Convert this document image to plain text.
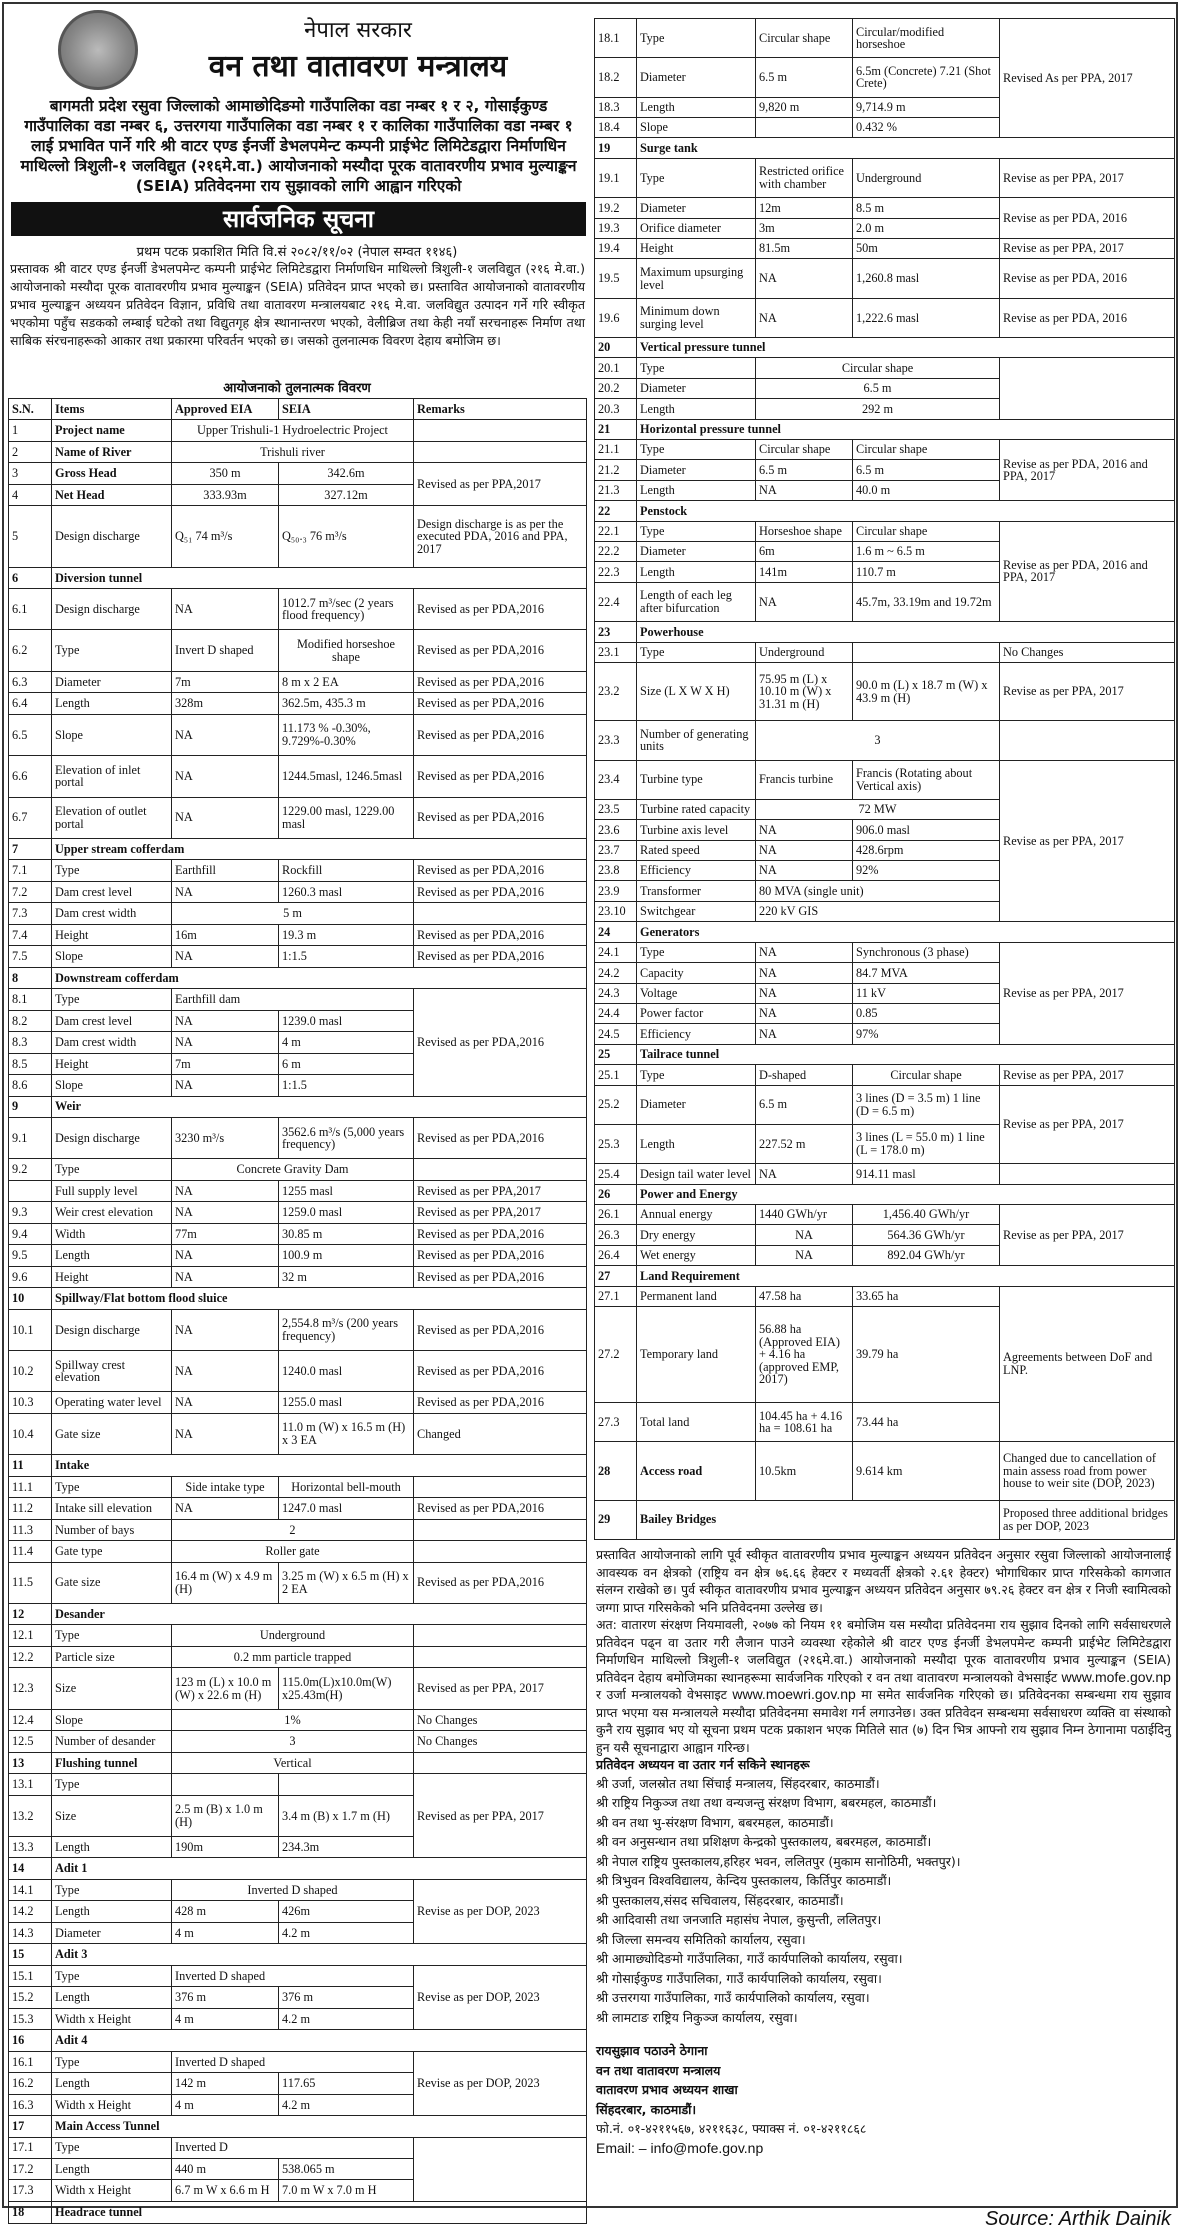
नेपाल सरकार
वन तथा वातावरण मन्त्रालय
बागमती प्रदेश रसुवा जिल्लाको आमाछोदिङमो गाउँपालिका वडा नम्बर १ र २, गोसाईंकुण्ड गाउँपालिका वडा नम्बर ६, उत्तरगया गाउँपालिका वडा नम्बर १ र कालिका गाउँपालिका वडा नम्बर १ लाई प्रभावित पार्ने गरि श्री वाटर एण्ड ईनर्जी डेभलपमेन्ट कम्पनी प्राईभेट लिमिटेडद्वारा निर्माणधिन माथिल्लो त्रिशुली-१ जलविद्युत (२१६मे.वा.) आयोजनाको मस्यौदा पूरक वातावरणीय प्रभाव मुल्याङ्कन (SEIA) प्रतिवेदनमा राय सुझावको लागि आह्वान गरिएको
सार्वजनिक सूचना
प्रथम पटक प्रकाशित मिति वि.सं २०८२/११/०२ (नेपाल सम्वत ११४६)
प्रस्तावक श्री वाटर एण्ड ईनर्जी डेभलपमेन्ट कम्पनी प्राईभेट लिमिटेडद्वारा निर्माणधिन माथिल्लो त्रिशुली-१ जलविद्युत (२१६ मे.वा.) आयोजनाको मस्यौदा पूरक वातावरणीय प्रभाव मुल्याङ्कन (SEIA) प्रतिवेदन प्राप्त भएको छ। प्रस्तावित आयोजनाको वातावरणीय प्रभाव मुल्याङ्कन अध्ययन प्रतिवेदन विज्ञान, प्रविधि तथा वातावरण मन्त्रालयबाट २१६ मे.वा. जलविद्युत उत्पादन गर्ने गरि स्वीकृत भएकोमा पहुँच सडकको लम्बाई घटेको तथा विद्युतगृह क्षेत्र स्थानान्तरण भएको, वेलीब्रिज तथा केही नयाँ सरचनाहरू निर्माण तथा साबिक संरचनाहरूको आकार तथा प्रकारमा परिवर्तन भएको छ। जसको तुलनात्मक विवरण देहाय बमोजिम छ।
आयोजनाको तुलनात्मक विवरण
S.N.	Items	Approved EIA	SEIA	Remarks
1	Project name	Upper Trishuli-1 Hydroelectric Project		
2	Name of River	Trishuli river		
3	Gross Head	350 m	342.6m	Revised as per PPA,2017
4	Net Head	333.93m	327.12m	
5	Design discharge	Q₅₁ 74 m³/s	Q₅₀.₃ 76 m³/s	Design discharge is as per the executed PDA, 2016 and PPA, 2017
6	Diversion tunnel			
6.1	Design discharge	NA	1012.7 m³/sec (2 years flood frequency)	Revised as per PDA,2016
6.2	Type	Invert D shaped	Modified horseshoe shape	Revised as per PDA,2016
6.3	Diameter	7m	8 m x 2 EA	Revised as per PDA,2016
6.4	Length	328m	362.5m, 435.3 m	Revised as per PDA,2016
6.5	Slope	NA	11.173 % -0.30%, 9.729%-0.30%	Revised as per PDA,2016
6.6	Elevation of inlet portal	NA	1244.5masl, 1246.5masl	Revised as per PDA,2016
6.7	Elevation of outlet portal	NA	1229.00 masl, 1229.00 masl	Revised as per PDA,2016
7	Upper stream cofferdam			
7.1	Type	Earthfill	Rockfill	Revised as per PDA,2016
7.2	Dam crest level	NA	1260.3 masl	Revised as per PDA,2016
7.3	Dam crest width	5 m		
7.4	Height	16m	19.3 m	Revised as per PDA,2016
7.5	Slope	NA	1:1.5	Revised as per PDA,2016
8	Downstream cofferdam			
8.1	Type	Earthfill dam		Revised as per PDA,2016
8.2	Dam crest level	NA	1239.0 masl	
8.3	Dam crest width	NA	4 m	
8.5	Height	7m	6 m	
8.6	Slope	NA	1:1.5	
9	Weir			
9.1	Design discharge	3230 m³/s	3562.6 m³/s (5,000 years frequency)	Revised as per PDA,2016
9.2	Type	Concrete Gravity Dam		
	Full supply level	NA	1255 masl	Revised as per PPA,2017
9.3	Weir crest elevation	NA	1259.0 masl	Revised as per PPA,2017
9.4	Width	77m	30.85 m	Revised as per PDA,2016
9.5	Length	NA	100.9 m	Revised as per PDA,2016
9.6	Height	NA	32 m	Revised as per PDA,2016
10	Spillway/Flat bottom flood sluice			
10.1	Design discharge	NA	2,554.8 m³/s (200 years frequency)	Revised as per PDA,2016
10.2	Spillway crest elevation	NA	1240.0 masl	Revised as per PDA,2016
10.3	Operating water level	NA	1255.0 masl	Revised as per PDA,2016
10.4	Gate size	NA	11.0 m (W) x 16.5 m (H) x 3 EA	Changed
11	Intake			
11.1	Type	Side intake type	Horizontal bell-mouth	
11.2	Intake sill elevation	NA	1247.0 masl	Revised as per PDA,2016
11.3	Number of bays	2		
11.4	Gate type	Roller gate		
11.5	Gate size	16.4 m (W) x 4.9 m (H)	3.25 m (W) x 6.5 m (H) x 2 EA	Revised as per PDA,2016
12	Desander			
12.1	Type	Underground		
12.2	Particle size	0.2 mm particle trapped		
12.3	Size	123 m (L) x 10.0 m (W) x 22.6 m (H)	115.0m(L)x10.0m(W) x25.43m(H)	Revised as per PPA, 2017
12.4	Slope	1%		No Changes
12.5	Number of desander	3		No Changes
13	Flushing tunnel	Vertical		
13.1	Type			Revised as per PPA, 2017
13.2	Size	2.5 m (B) x 1.0 m (H)	3.4 m (B) x 1.7 m (H)	
13.3	Length	190m	234.3m	
14	Adit 1			
14.1	Type	Inverted D shaped		Revise as per DOP, 2023
14.2	Length	428 m	426m	
14.3	Diameter	4 m	4.2 m	
15	Adit 3			
15.1	Type	Inverted D shaped		Revise as per DOP, 2023
15.2	Length	376 m	376 m	
15.3	Width x Height	4 m	4.2 m	
16	Adit 4			
16.1	Type	Inverted D shaped		Revise as per DOP, 2023
16.2	Length	142 m	117.65	
16.3	Width x Height	4 m	4.2 m	
17	Main Access Tunnel			
17.1	Type	Inverted D		
17.2	Length	440 m	538.065 m	
17.3	Width x Height	6.7 m W x 6.6 m H	7.0 m W x 7.0 m H	
18	Headrace tunnel			
18.1	Type	Circular shape	Circular/modified horseshoe	Revised As per PPA, 2017
18.2	Diameter	6.5 m	6.5m (Concrete) 7.21 (Shot Crete)	
18.3	Length	9,820 m	9,714.9 m	
18.4	Slope		0.432 %	
19	Surge tank			
19.1	Type	Restricted orifice with chamber	Underground	Revise as per PPA, 2017
19.2	Diameter	12m	8.5 m	Revise as per PDA, 2016
19.3	Orifice diameter	3m	2.0 m	
19.4	Height	81.5m	50m	Revise as per PPA, 2017
19.5	Maximum upsurging level	NA	1,260.8 masl	Revise as per PDA, 2016
19.6	Minimum down surging level	NA	1,222.6 masl	Revise as per PDA, 2016
20	Vertical pressure tunnel			
20.1	Type	Circular shape		
20.2	Diameter	6.5 m		
20.3	Length	292 m		
21	Horizontal pressure tunnel			
21.1	Type	Circular shape	Circular shape	Revise as per PDA, 2016 and PPA, 2017
21.2	Diameter	6.5 m	6.5 m	
21.3	Length	NA	40.0 m	
22	Penstock			
22.1	Type	Horseshoe shape	Circular shape	Revise as per PDA, 2016 and PPA, 2017
22.2	Diameter	6m	1.6 m ~ 6.5 m	
22.3	Length	141m	110.7 m	
22.4	Length of each leg after bifurcation	NA	45.7m, 33.19m and 19.72m	
23	Powerhouse			
23.1	Type	Underground		No Changes
23.2	Size (L X W X H)	75.95 m (L) x 10.10 m (W) x 31.31 m (H)	90.0 m (L) x 18.7 m (W) x 43.9 m (H)	Revise as per PPA, 2017
23.3	Number of generating units	3		
23.4	Turbine type	Francis turbine	Francis (Rotating about Vertical axis)	Revise as per PPA, 2017
23.5	Turbine rated capacity	72 MW		
23.6	Turbine axis level	NA	906.0 masl	
23.7	Rated speed	NA	428.6rpm	
23.8	Efficiency	NA	92%	
23.9	Transformer	80 MVA (single unit)		
23.10	Switchgear	220 kV GIS		
24	Generators			
24.1	Type	NA	Synchronous (3 phase)	Revise as per PPA, 2017
24.2	Capacity	NA	84.7 MVA	
24.3	Voltage	NA	11 kV	
24.4	Power factor	NA	0.85	
24.5	Efficiency	NA	97%	
25	Tailrace tunnel			
25.1	Type	D-shaped	Circular shape	Revise as per PPA, 2017
25.2	Diameter	6.5 m	3 lines (D = 3.5 m) 1 line (D = 6.5 m)	Revise as per PPA, 2017
25.3	Length	227.52 m	3 lines (L = 55.0 m) 1 line (L = 178.0 m)	
25.4	Design tail water level	NA	914.11 masl	
26	Power and Energy			
26.1	Annual energy	1440 GWh/yr	1,456.40 GWh/yr	Revise as per PPA, 2017
26.3	Dry energy	NA	564.36 GWh/yr	
26.4	Wet energy	NA	892.04 GWh/yr	
27	Land Requirement			
27.1	Permanent land	47.58 ha	33.65 ha	Agreements between DoF and LNP.
27.2	Temporary land	56.88 ha (Approved EIA) + 4.16 ha (approved EMP, 2017)	39.79 ha	
27.3	Total land	104.45 ha + 4.16 ha = 108.61 ha	73.44 ha	
28	Access road	10.5km	9.614 km	Changed due to cancellation of main assess road from power house to weir site (DOP, 2023)
29	Bailey Bridges			Proposed three additional bridges as per DOP, 2023

प्रस्तावित आयोजनाको लागि पूर्व स्वीकृत वातावरणीय प्रभाव मुल्याङ्कन अध्ययन प्रतिवेदन अनुसार रसुवा जिल्लाको आयोजनालाई आवस्यक वन क्षेत्रको (राष्ट्रिय वन क्षेत्र ७६.६६ हेक्टर र मध्यवर्ती क्षेत्रको २.६१ हेक्टर) भोगाधिकार प्राप्त गरिसकेको कागजात संलग्न राखेको छ। पुर्व स्वीकृत वातावरणीय प्रभाव मुल्याङ्कन अध्ययन प्रतिवेदन अनुसार ७९.२६ हेक्टर वन क्षेत्र र निजी स्वामित्वको जग्गा प्राप्त गरिसकेको भनि प्रतिवेदनमा उल्लेख छ।

अत: वातारण संरक्षण नियमावली, २०७७ को नियम ११ बमोजिम यस मस्यौदा प्रतिवेदनमा राय सुझाव दिनको लागि सर्वसाधरणले प्रतिवेदन पढ्न वा उतार गरी लैजान पाउने व्यवस्था रहेकोले श्री वाटर एण्ड ईनर्जी डेभलपमेन्ट कम्पनी प्राईभेट लिमिटेडद्वारा निर्माणधिन माथिल्लो त्रिशुली-१ जलविद्युत (२१६मे.वा.) आयोजनाको मस्यौदा पूरक वातावरणीय प्रभाव मुल्याङ्कन (SEIA) प्रतिवेदन देहाय बमोजिमका स्थानहरूमा सार्वजनिक गरिएको र वन तथा वातावरण मन्त्रालयको वेभसाईट www.mofe.gov.np र उर्जा मन्त्रालयको वेभसाइट www.moewri.gov.np मा समेत सार्वजनिक गरिएको छ। प्रतिवेदनका सम्बन्धमा राय सुझाव प्राप्त भएमा यस मन्त्रालयले मस्यौदा प्रतिवेदनमा समावेश गर्न लगाउनेछ। उक्त प्रतिवेदन सम्बन्धमा सर्वसाधरण व्यक्ति वा संस्थाको कुनै राय सुझाव भए यो सूचना प्रथम पटक प्रकाशन भएक मितिले सात (७) दिन भित्र आफ्नो राय सुझाव निम्न ठेगानामा पठाईदिनु हुन यसै सूचनाद्वारा आह्वान गरिन्छ।

प्रतिवेदन अध्ययन वा उतार गर्न सकिने स्थानहरू
श्री उर्जा, जलस्रोत तथा सिंचाई मन्त्रालय, सिंहदरबार, काठमाडौं।
श्री राष्ट्रिय निकुञ्ज तथा तथा वन्यजन्तु संरक्षण विभाग, बबरमहल, काठमाडौं।
श्री वन तथा भु-संरक्षण विभाग, बबरमहल, काठमाडौं।
श्री वन अनुसन्धान तथा प्रशिक्षण केन्द्रको पुस्तकालय, बबरमहल, काठमाडौं।
श्री नेपाल राष्ट्रिय पुस्तकालय,हरिहर भवन, ललितपुर (मुकाम सानोठिमी, भक्तपुर)।
श्री त्रिभुवन विश्वविद्यालय, केन्दिय पुस्तकालय, किर्तिपुर काठमाडौं।
श्री पुस्तकालय,संसद सचिवालय, सिंहदरबार, काठमाडौं।
श्री आदिवासी तथा जनजाति महासंघ नेपाल, कुसुन्ती, ललितपुर।
श्री जिल्ला समन्वय समितिको कार्यालय, रसुवा।
श्री आमाछ्योदिङमो गाउँपालिका, गाउँ कार्यपालिको कार्यालय, रसुवा।
श्री गोसाईकुण्ड गाउँपालिका, गाउँ कार्यपालिको कार्यालय, रसुवा।
श्री उत्तरगया गाउँपालिका, गाउँ कार्यपालिको कार्यालय, रसुवा।
श्री लामटाङ राष्ट्रिय निकुञ्ज कार्यालय, रसुवा।
रायसुझाव पठाउने ठेगाना
वन तथा वातावरण मन्त्रालय
वातावरण प्रभाव अध्ययन शाखा
सिंहदरबार, काठमाडौं।
फो.नं. ०१-४२११५६७, ४२११६३८, फ्याक्स नं. ०१-४२११८६८
Email: – info@mofe.gov.np
Source: Arthik Dainik
